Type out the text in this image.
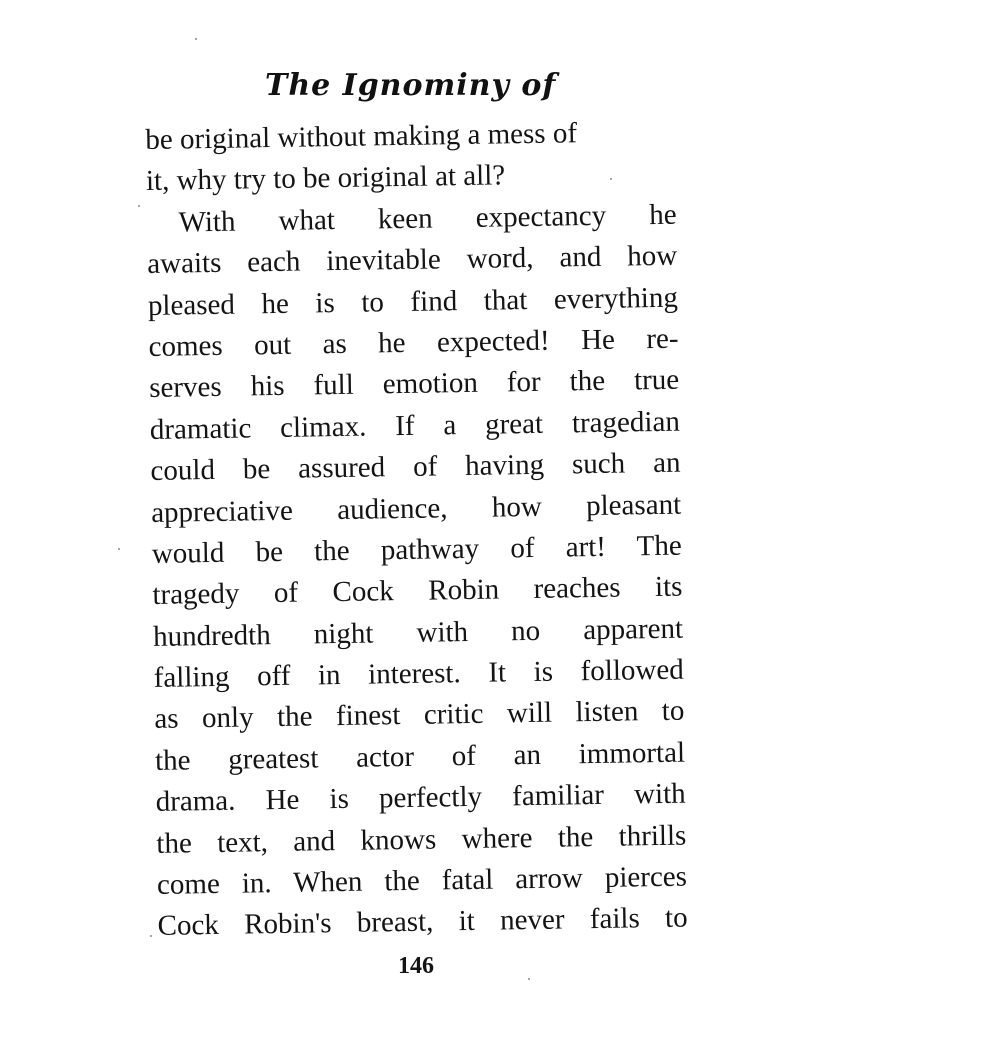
The Ignominy of
be original without making a mess of
it, why try to be original at all?
With what keen expectancy he
awaits each inevitable word, and how
pleased he is to find that everything
comes out as he expected! He re-
serves his full emotion for the true
dramatic climax. If a great tragedian
could be assured of having such an
appreciative audience, how pleasant
would be the pathway of art! The
tragedy of Cock Robin reaches its
hundredth night with no apparent
falling off in interest. It is followed
as only the finest critic will listen to
the greatest actor of an immortal
drama. He is perfectly familiar with
the text, and knows where the thrills
come in. When the fatal arrow pierces
Cock Robin's breast, it never fails to
146
